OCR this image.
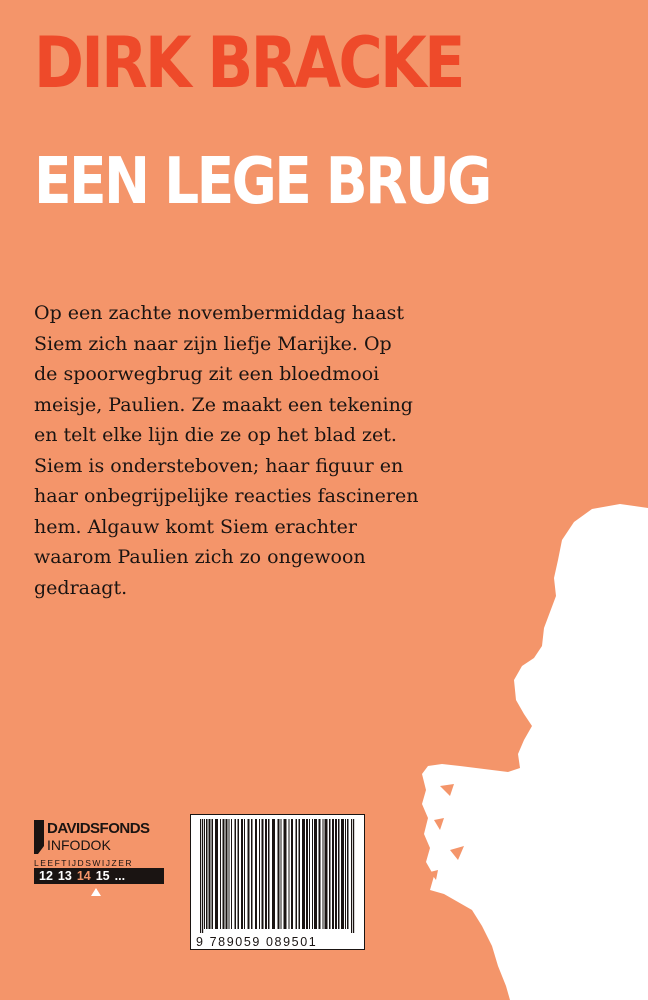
DIRK BRACKE
EEN LEGE BRUG
Op een zachte novembermiddag haast
Siem zich naar zijn liefje Marijke. Op
de spoorwegbrug zit een bloedmooi
meisje, Paulien. Ze maakt een tekening
en telt elke lijn die ze op het blad zet.
Siem is ondersteboven; haar figuur en
haar onbegrijpelijke reacties fascineren
hem. Algauw komt Siem erachter
waarom Paulien zich zo ongewoon
gedraagt.
DAVIDSFONDS
INFODOK
LEEFTIJDSWIJZER
12 13 14 15 ...
9 789059 089501
